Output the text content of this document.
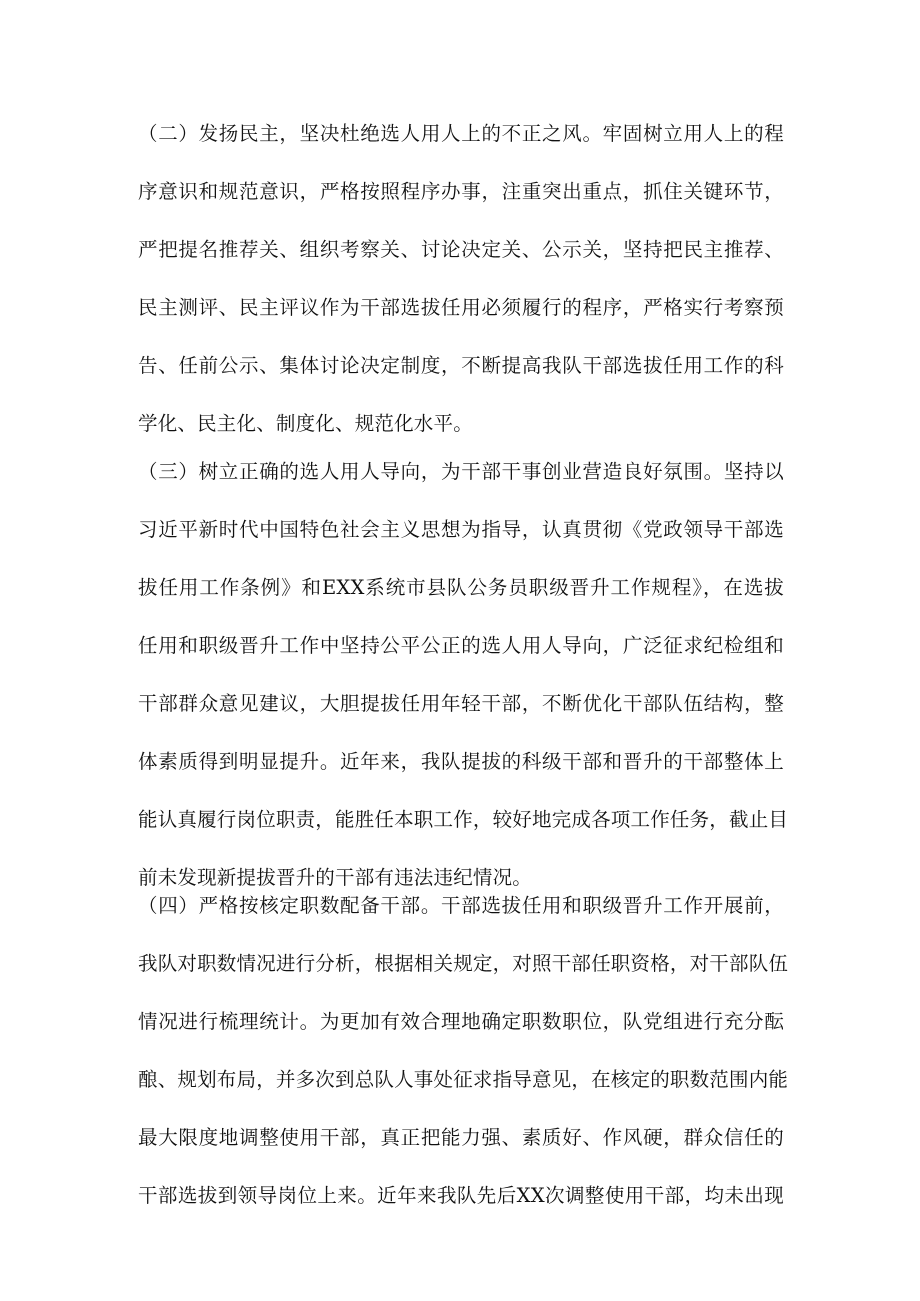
（二）发扬民主，坚决杜绝选人用人上的不正之风。牢固树立用人上的程
序意识和规范意识，严格按照程序办事，注重突出重点，抓住关键环节，
严把提名推荐关、组织考察关、讨论决定关、公示关，坚持把民主推荐、
民主测评、民主评议作为干部选拔任用必须履行的程序，严格实行考察预
告、任前公示、集体讨论决定制度，不断提高我队干部选拔任用工作的科
学化、民主化、制度化、规范化水平。
（三）树立正确的选人用人导向，为干部干事创业营造良好氛围。坚持以
习近平新时代中国特色社会主义思想为指导，认真贯彻《党政领导干部选
拔任用工作条例》和EXX系统市县队公务员职级晋升工作规程》，在选拔
任用和职级晋升工作中坚持公平公正的选人用人导向，广泛征求纪检组和
干部群众意见建议，大胆提拔任用年轻干部，不断优化干部队伍结构，整
体素质得到明显提升。近年来，我队提拔的科级干部和晋升的干部整体上
能认真履行岗位职责，能胜任本职工作，较好地完成各项工作任务，截止目
前未发现新提拔晋升的干部有违法违纪情况。
（四）严格按核定职数配备干部。干部选拔任用和职级晋升工作开展前，
我队对职数情况进行分析，根据相关规定，对照干部任职资格，对干部队伍
情况进行梳理统计。为更加有效合理地确定职数职位，队党组进行充分酝
酿、规划布局，并多次到总队人事处征求指导意见，在核定的职数范围内能
最大限度地调整使用干部，真正把能力强、素质好、作风硬，群众信任的
干部选拔到领导岗位上来。近年来我队先后XX次调整使用干部，均未出现
